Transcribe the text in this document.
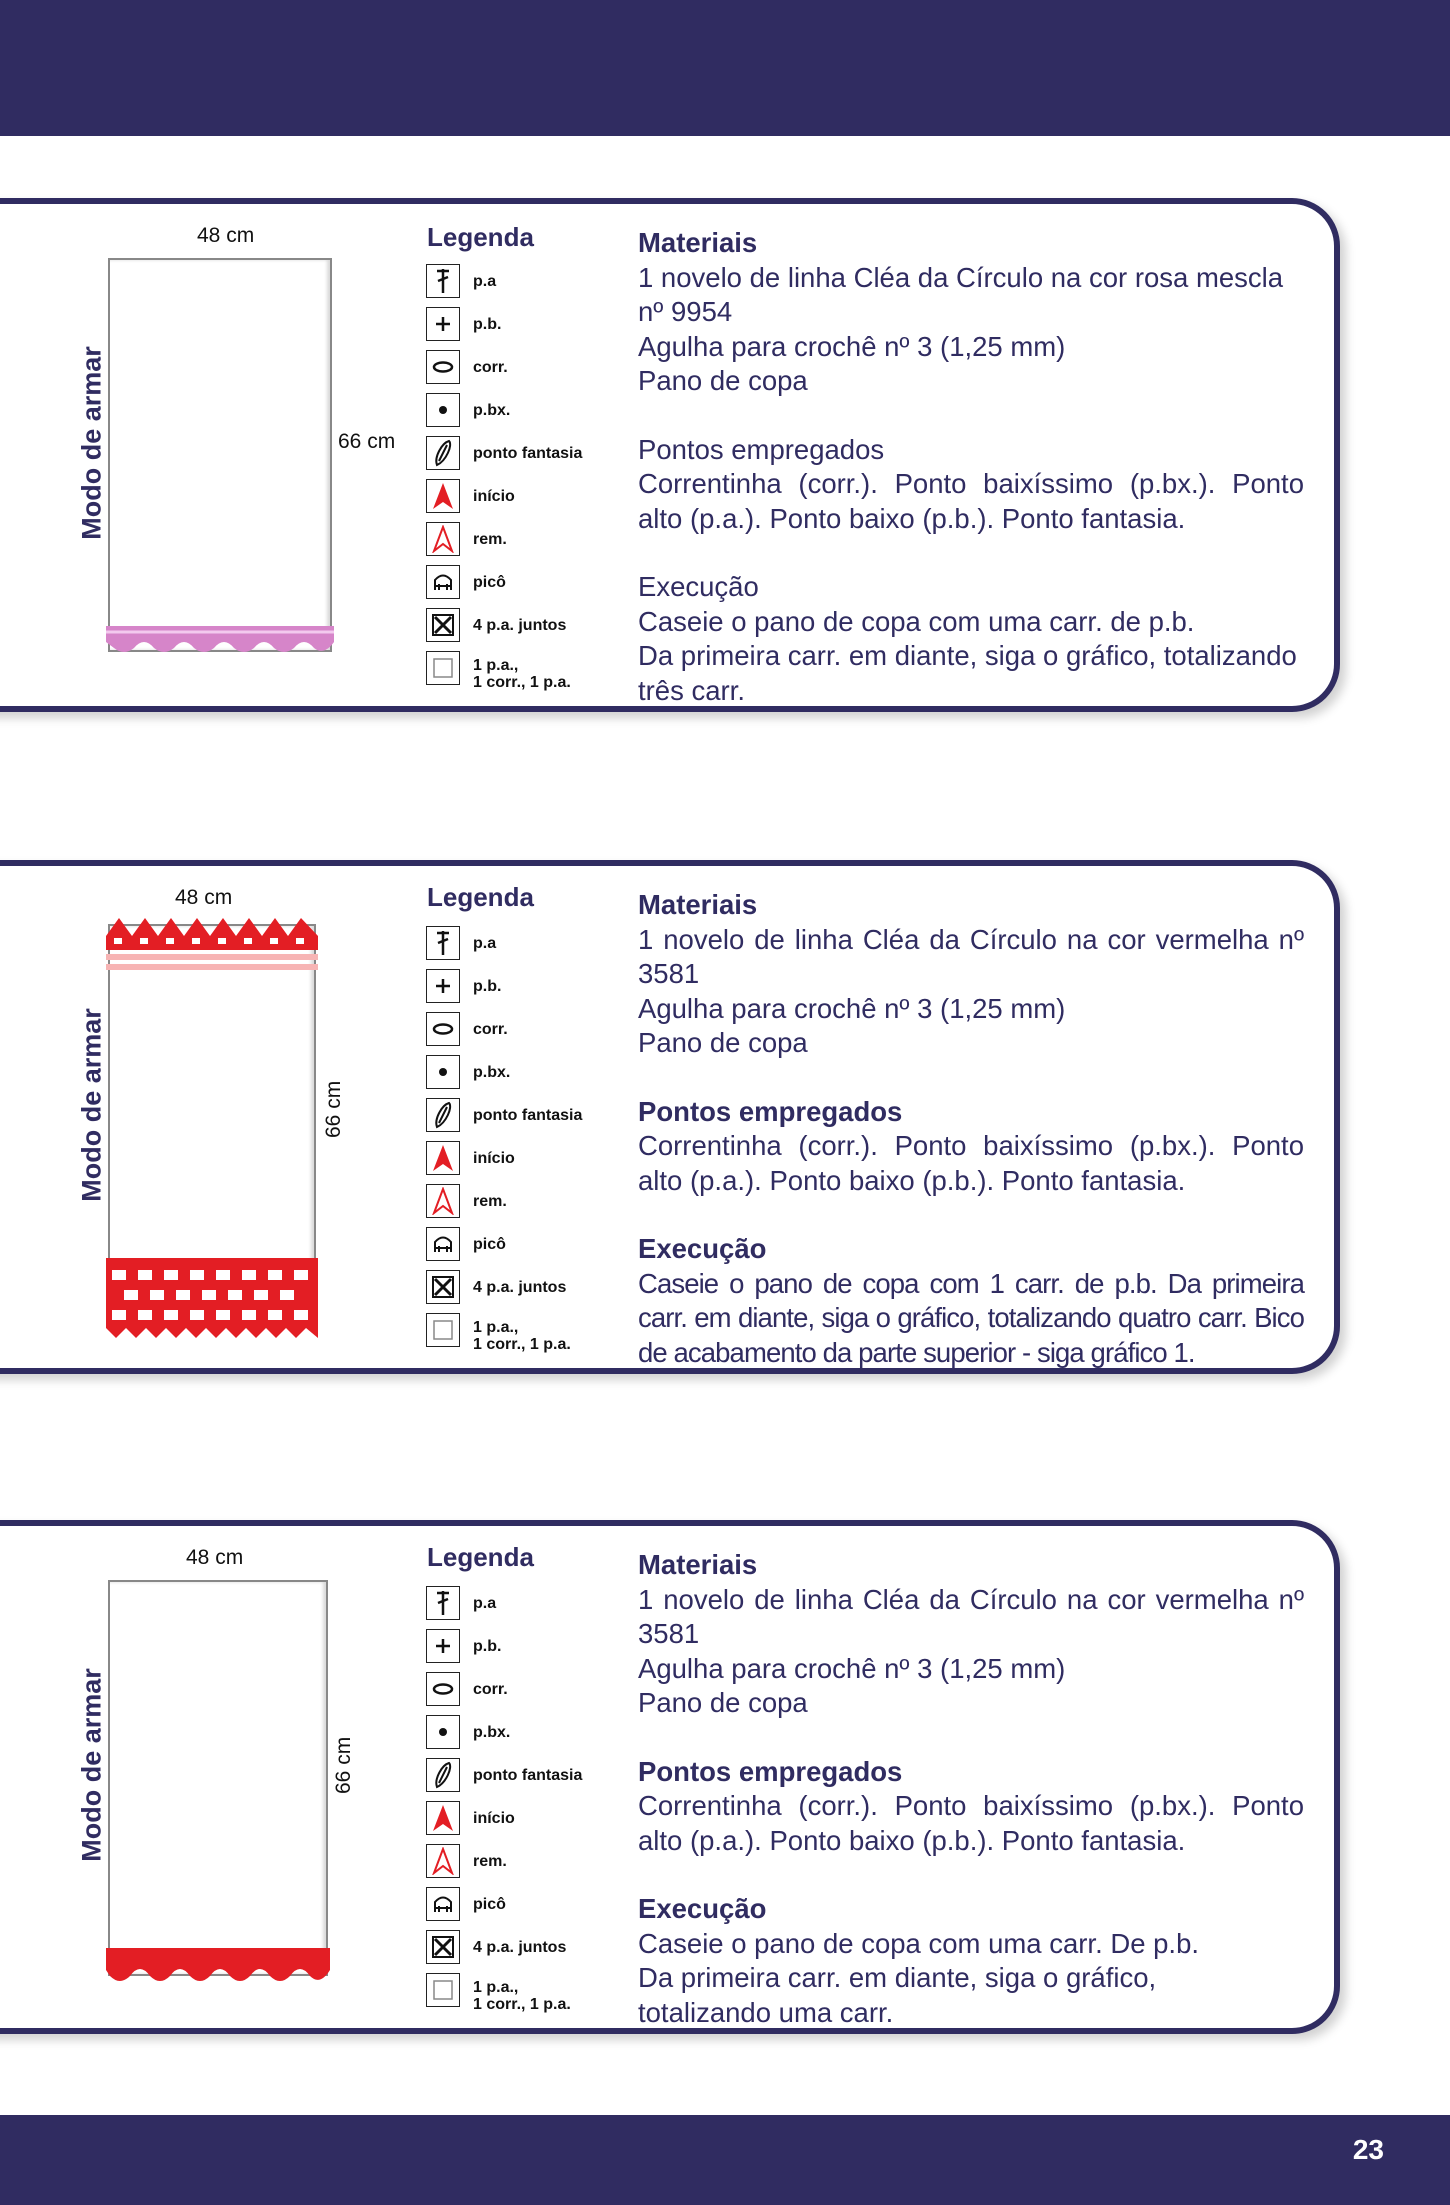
Modo de armar
48 cm
66 cm
Legenda
p.a
p.b.
corr.
p.bx.
ponto fantasia
início
rem.
picô
4 p.a. juntos
1 p.a.,
1 corr., 1 p.a.

Materiais

1 novelo de linha Cléa da Círculo na cor rosa mescla nº 9954

Agulha para crochê nº 3 (1,25 mm)

Pano de copa

Pontos empregados

Correntinha (corr.). Ponto baixíssimo (p.bx.). Ponto alto (p.a.). Ponto baixo (p.b.). Ponto fantasia.

Execução

Caseie o pano de copa com uma carr. de p.b.

Da primeira carr. em diante, siga o gráfico, totalizando três carr.

Modo de armar
48 cm
66 cm
Legenda
p.a
p.b.
corr.
p.bx.
ponto fantasia
início
rem.
picô
4 p.a. juntos
1 p.a.,
1 corr., 1 p.a.

Materiais

1 novelo de linha Cléa da Círculo na cor vermelha nº 3581

Agulha para crochê nº 3 (1,25 mm)

Pano de copa

Pontos empregados

Correntinha (corr.). Ponto baixíssimo (p.bx.). Ponto alto (p.a.). Ponto baixo (p.b.). Ponto fantasia.

Execução

Caseie o pano de copa com 1 carr. de p.b. Da primeira carr. em diante, siga o gráfico, totalizando quatro carr. Bico de acabamento da parte superior - siga gráfico 1.

Modo de armar
48 cm
66 cm
Legenda
p.a
p.b.
corr.
p.bx.
ponto fantasia
início
rem.
picô
4 p.a. juntos
1 p.a.,
1 corr., 1 p.a.

Materiais

1 novelo de linha Cléa da Círculo na cor vermelha nº 3581

Agulha para crochê nº 3 (1,25 mm)

Pano de copa

Pontos empregados

Correntinha (corr.). Ponto baixíssimo (p.bx.). Ponto alto (p.a.). Ponto baixo (p.b.). Ponto fantasia.

Execução

Caseie o pano de copa com uma carr. De p.b.

Da primeira carr. em diante, siga o gráfico,

totalizando uma carr.

23
